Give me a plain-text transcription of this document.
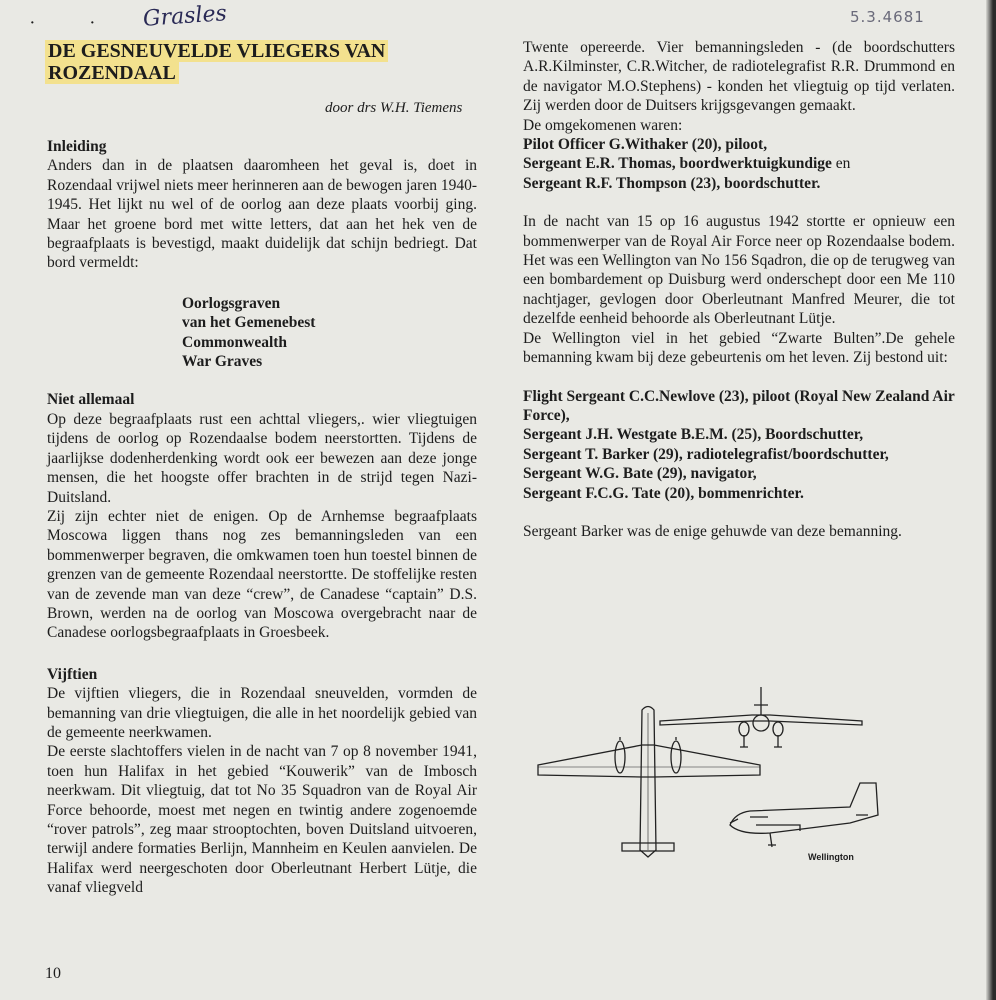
·	· Grasles	5.3.4681
DE GESNEUVELDE VLIEGERS VAN ROZENDAAL
door drs W.H. Tiemens
Inleiding

Anders dan in de plaatsen daaromheen het geval is, doet in Rozendaal vrijwel niets meer herinneren aan de bewogen jaren 1940-1945. Het lijkt nu wel of de oorlog aan deze plaats voorbij ging. Maar het groene bord met witte letters, dat aan het hek ven de begraafplaats is bevestigd, maakt duidelijk dat schijn bedriegt. Dat bord vermeldt:

Oorlogsgraven
van het Gemenebest
Commonwealth
War Graves
Niet allemaal

Op deze begraafplaats rust een achttal vliegers,. wier vliegtuigen tijdens de oorlog op Rozendaalse bodem neerstortten. Tijdens de jaarlijkse dodenherdenking wordt ook eer bewezen aan deze jonge mensen, die het hoogste offer brachten in de strijd tegen Nazi-Duitsland.

Zij zijn echter niet de enigen. Op de Arnhemse begraafplaats Moscowa liggen thans nog zes bemanningsleden van een bommenwerper begraven, die omkwamen toen hun toestel binnen de grenzen van de gemeente Rozendaal neerstortte. De stoffelijke resten van de zevende man van deze “crew”, de Canadese “captain” D.S. Brown, werden na de oorlog van Moscowa overgebracht naar de Canadese oorlogsbegraafplaats in Groesbeek.

Vijftien

De vijftien vliegers, die in Rozendaal sneuvelden, vormden de bemanning van drie vliegtuigen, die alle in het noordelijk gebied van de gemeente neerkwamen.

De eerste slachtoffers vielen in de nacht van 7 op 8 november 1941, toen hun Halifax in het gebied “Kouwerik” van de Imbosch neerkwam. Dit vliegtuig, dat tot No 35 Squadron van de Royal Air Force behoorde, moest met negen en twintig andere zogenoemde “rover patrols”, zeg maar strooptochten, boven Duitsland uitvoeren, terwijl andere formaties Berlijn, Mannheim en Keulen aanvielen. De Halifax werd neergeschoten door Oberleutnant Herbert Lütje, die vanaf vliegveld

Twente opereerde. Vier bemanningsleden - (de boordschutters A.R.Kilminster, C.R.Witcher, de radiotelegrafist R.R. Drummond en de navigator M.O.Stephens) - konden het vliegtuig op tijd verlaten. Zij werden door de Duitsers krijgsgevangen gemaakt.

De omgekomenen waren:

Pilot Officer G.Withaker (20), piloot,

Sergeant E.R. Thomas, boordwerktuigkundige en

Sergeant R.F. Thompson (23), boordschutter.

In de nacht van 15 op 16 augustus 1942 stortte er opnieuw een bommenwerper van de Royal Air Force neer op Rozendaalse bodem. Het was een Wellington van No 156 Sqadron, die op de terugweg van een bombardement op Duisburg werd onderschept door een Me 110 nachtjager, gevlogen door Oberleutnant Manfred Meurer, die tot dezelfde eenheid behoorde als Oberleutnant Lütje.

De Wellington viel in het gebied “Zwarte Bulten”.De gehele bemanning kwam bij deze gebeurtenis om het leven. Zij bestond uit:

Flight Sergeant C.C.Newlove (23), piloot (Royal New Zealand Air Force),

Sergeant J.H. Westgate B.E.M. (25), Boordschutter,

Sergeant T. Barker (29), radiotelegrafist/boordschutter,

Sergeant W.G. Bate (29), navigator,

Sergeant F.C.G. Tate (20), bommenrichter.

Sergeant Barker was de enige gehuwde van deze bemanning.

Wellington
10
